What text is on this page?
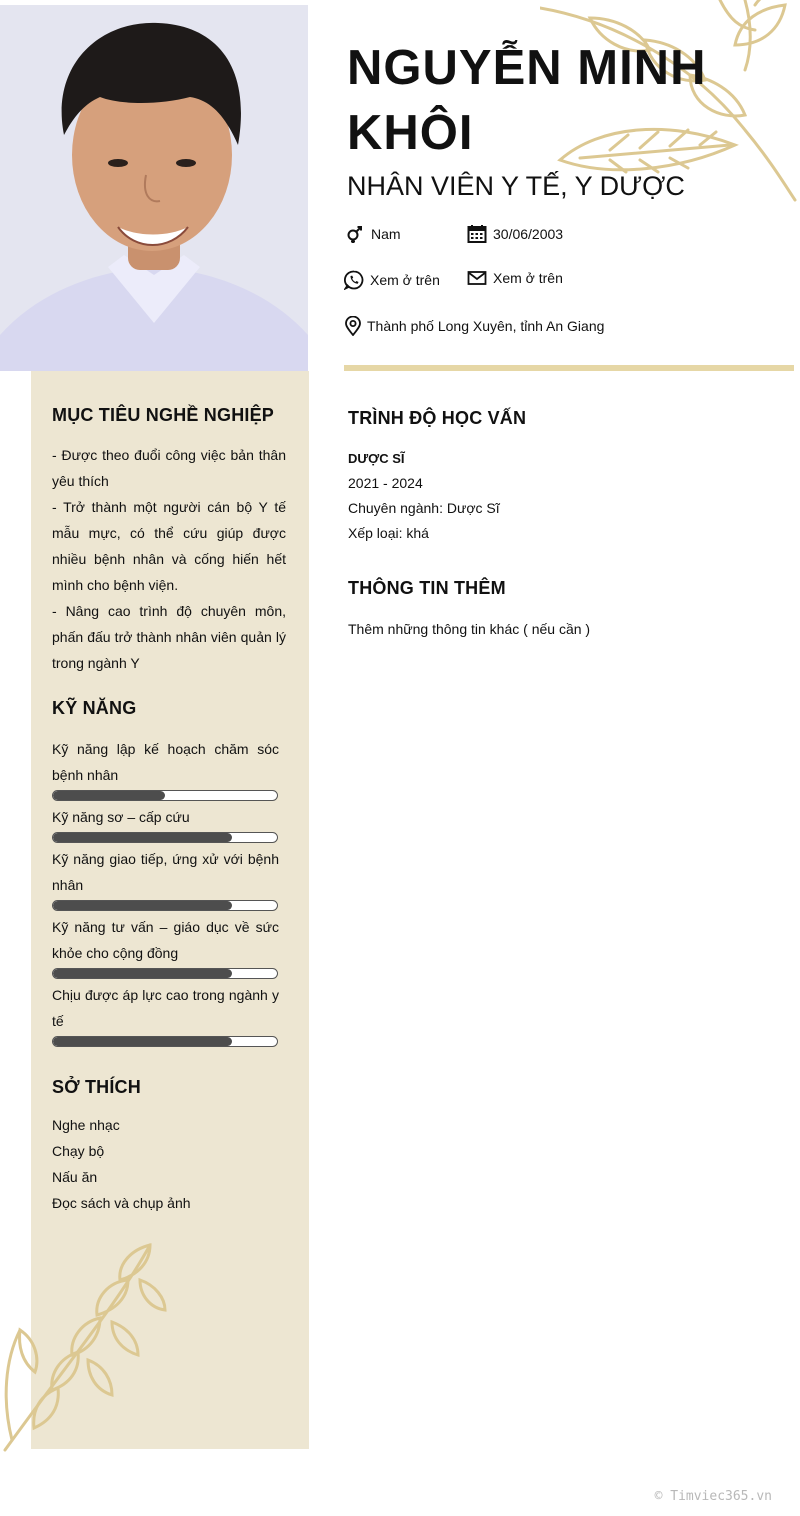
NGUYỄN MINH KHÔI
NHÂN VIÊN Y TẾ, Y DƯỢC
Nam	30/06/2003
Xem ở trên	Xem ở trên
Thành phố Long Xuyên, tỉnh An Giang
MỤC TIÊU NGHỀ NGHIỆP
- Được theo đuổi công việc bản thân yêu thích
- Trở thành một người cán bộ Y tế mẫu mực, có thể cứu giúp được nhiều bệnh nhân và cống hiến hết mình cho bệnh viện.
- Nâng cao trình độ chuyên môn, phấn đấu trở thành nhân viên quản lý trong ngành Y
KỸ NĂNG
Kỹ năng lập kế hoạch chăm sóc bệnh nhân
Kỹ năng sơ – cấp cứu
Kỹ năng giao tiếp, ứng xử với bệnh nhân
Kỹ năng tư vấn – giáo dục về sức khỏe cho cộng đồng
Chịu được áp lực cao trong ngành y tế
SỞ THÍCH
Nghe nhạc
Chạy bộ
Nấu ăn
Đọc sách và chụp ảnh
TRÌNH ĐỘ HỌC VẤN
DƯỢC SĨ
2021 - 2024
Chuyên ngành: Dược Sĩ
Xếp loại: khá
THÔNG TIN THÊM
Thêm những thông tin khác ( nếu cần )
© Timviec365.vn
